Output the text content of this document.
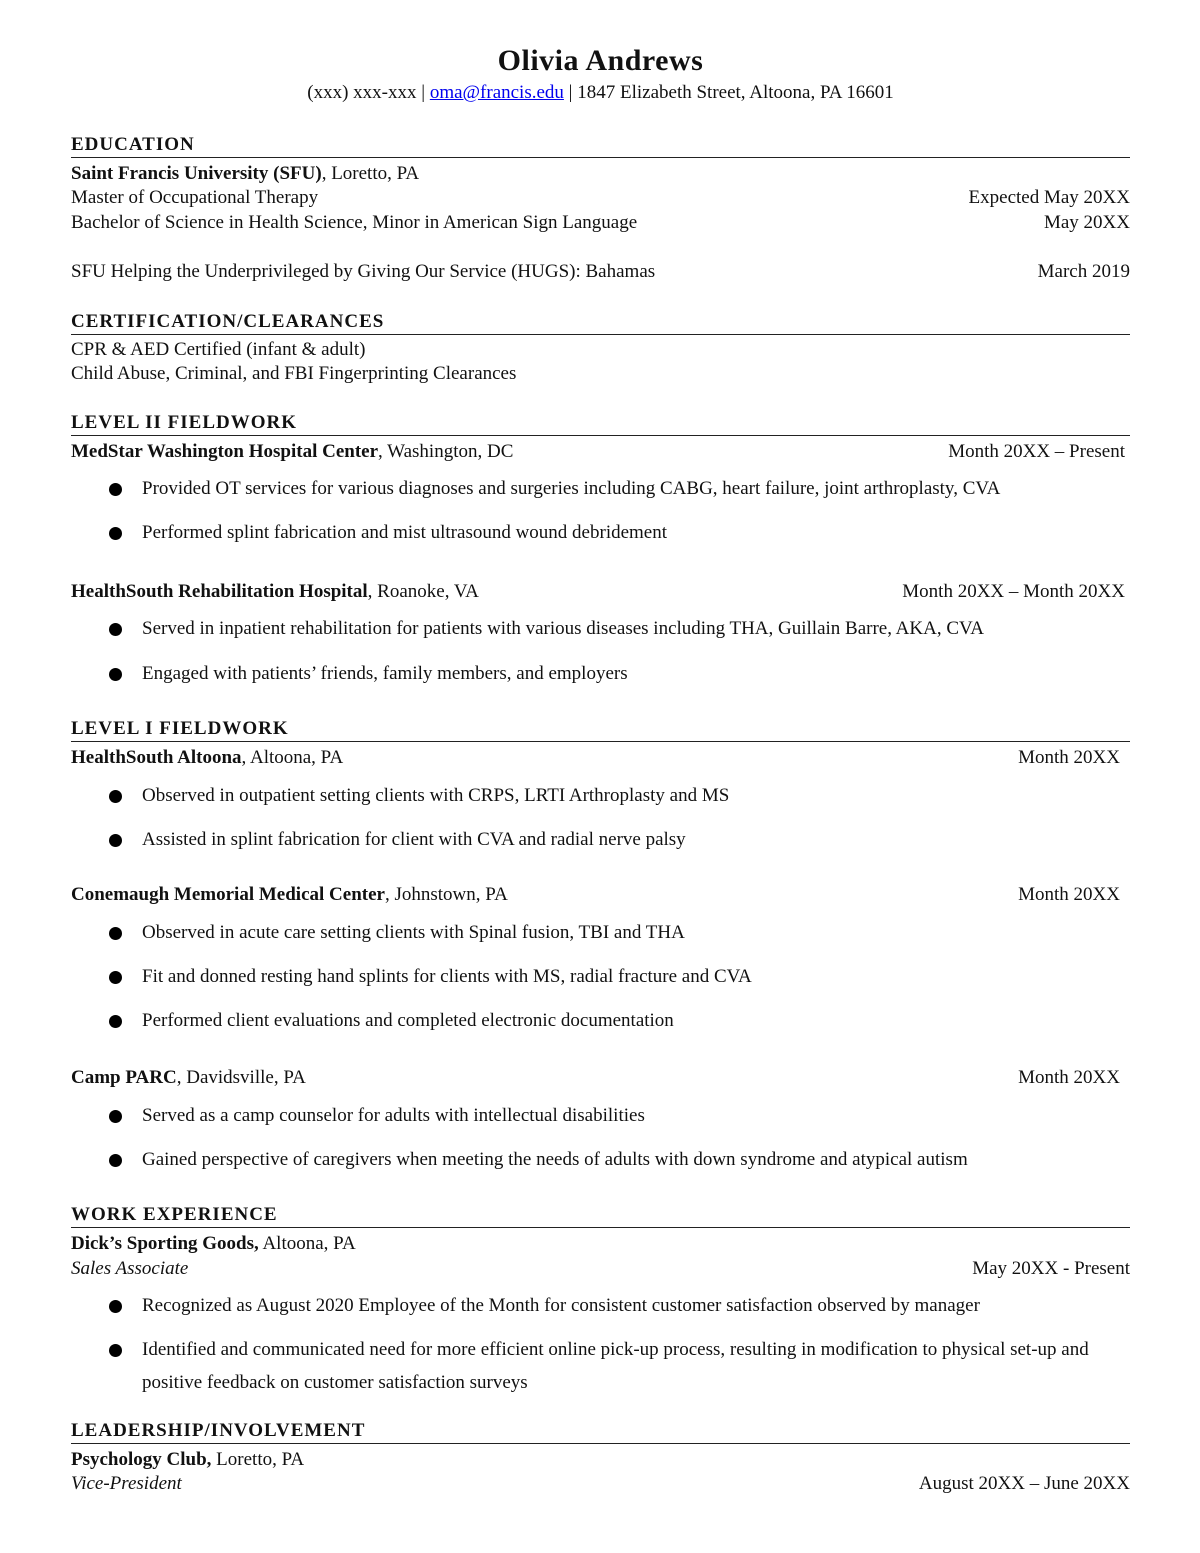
Olivia Andrews
(xxx) xxx-xxx | oma@francis.edu | 1847 Elizabeth Street, Altoona, PA 16601
EDUCATION
Saint Francis University (SFU), Loretto, PA
Master of Occupational Therapy	Expected May 20XX
Bachelor of Science in Health Science, Minor in American Sign Language	May 20XX
SFU Helping the Underprivileged by Giving Our Service (HUGS): Bahamas	March 2019
CERTIFICATION/CLEARANCES
CPR & AED Certified (infant & adult)
Child Abuse, Criminal, and FBI Fingerprinting Clearances
LEVEL II FIELDWORK
MedStar Washington Hospital Center, Washington, DC	Month 20XX – Present
Provided OT services for various diagnoses and surgeries including CABG, heart failure, joint arthroplasty, CVA
Performed splint fabrication and mist ultrasound wound debridement
HealthSouth Rehabilitation Hospital, Roanoke, VA	Month 20XX – Month 20XX
Served in inpatient rehabilitation for patients with various diseases including THA, Guillain Barre, AKA, CVA
Engaged with patients’ friends, family members, and employers
LEVEL I FIELDWORK
HealthSouth Altoona, Altoona, PA	Month 20XX
Observed in outpatient setting clients with CRPS, LRTI Arthroplasty and MS
Assisted in splint fabrication for client with CVA and radial nerve palsy
Conemaugh Memorial Medical Center, Johnstown, PA	Month 20XX
Observed in acute care setting clients with Spinal fusion, TBI and THA
Fit and donned resting hand splints for clients with MS, radial fracture and CVA
Performed client evaluations and completed electronic documentation
Camp PARC, Davidsville, PA	Month 20XX
Served as a camp counselor for adults with intellectual disabilities
Gained perspective of caregivers when meeting the needs of adults with down syndrome and atypical autism
WORK EXPERIENCE
Dick’s Sporting Goods, Altoona, PA
Sales Associate	May 20XX - Present
Recognized as August 2020 Employee of the Month for consistent customer satisfaction observed by manager
Identified and communicated need for more efficient online pick-up process, resulting in modification to physical set-up and positive feedback on customer satisfaction surveys
LEADERSHIP/INVOLVEMENT
Psychology Club, Loretto, PA
Vice-President	August 20XX – June 20XX
